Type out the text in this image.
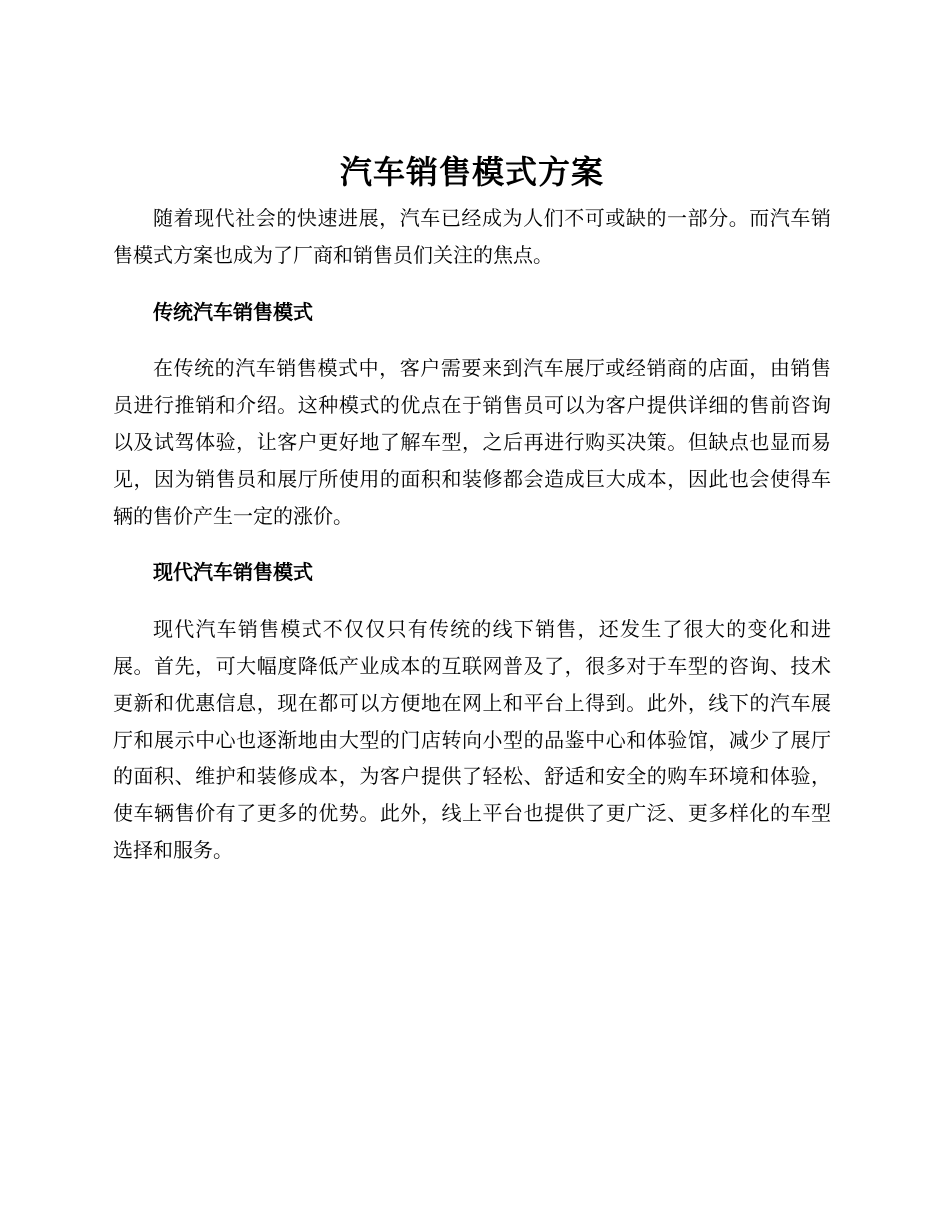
汽车销售模式方案

随着现代社会的快速进展，汽车已经成为人们不可或缺的一部分。而汽车销售模式方案也成为了厂商和销售员们关注的焦点。

传统汽车销售模式

在传统的汽车销售模式中，客户需要来到汽车展厅或经销商的店面，由销售员进行推销和介绍。这种模式的优点在于销售员可以为客户提供详细的售前咨询以及试驾体验，让客户更好地了解车型，之后再进行购买决策。但缺点也显而易见，因为销售员和展厅所使用的面积和装修都会造成巨大成本，因此也会使得车辆的售价产生一定的涨价。

现代汽车销售模式

现代汽车销售模式不仅仅只有传统的线下销售，还发生了很大的变化和进展。首先，可大幅度降低产业成本的互联网普及了，很多对于车型的咨询、技术更新和优惠信息，现在都可以方便地在网上和平台上得到。此外，线下的汽车展厅和展示中心也逐渐地由大型的门店转向小型的品鉴中心和体验馆，减少了展厅的面积、维护和装修成本，为客户提供了轻松、舒适和安全的购车环境和体验，使车辆售价有了更多的优势。此外，线上平台也提供了更广泛、更多样化的车型选择和服务。
